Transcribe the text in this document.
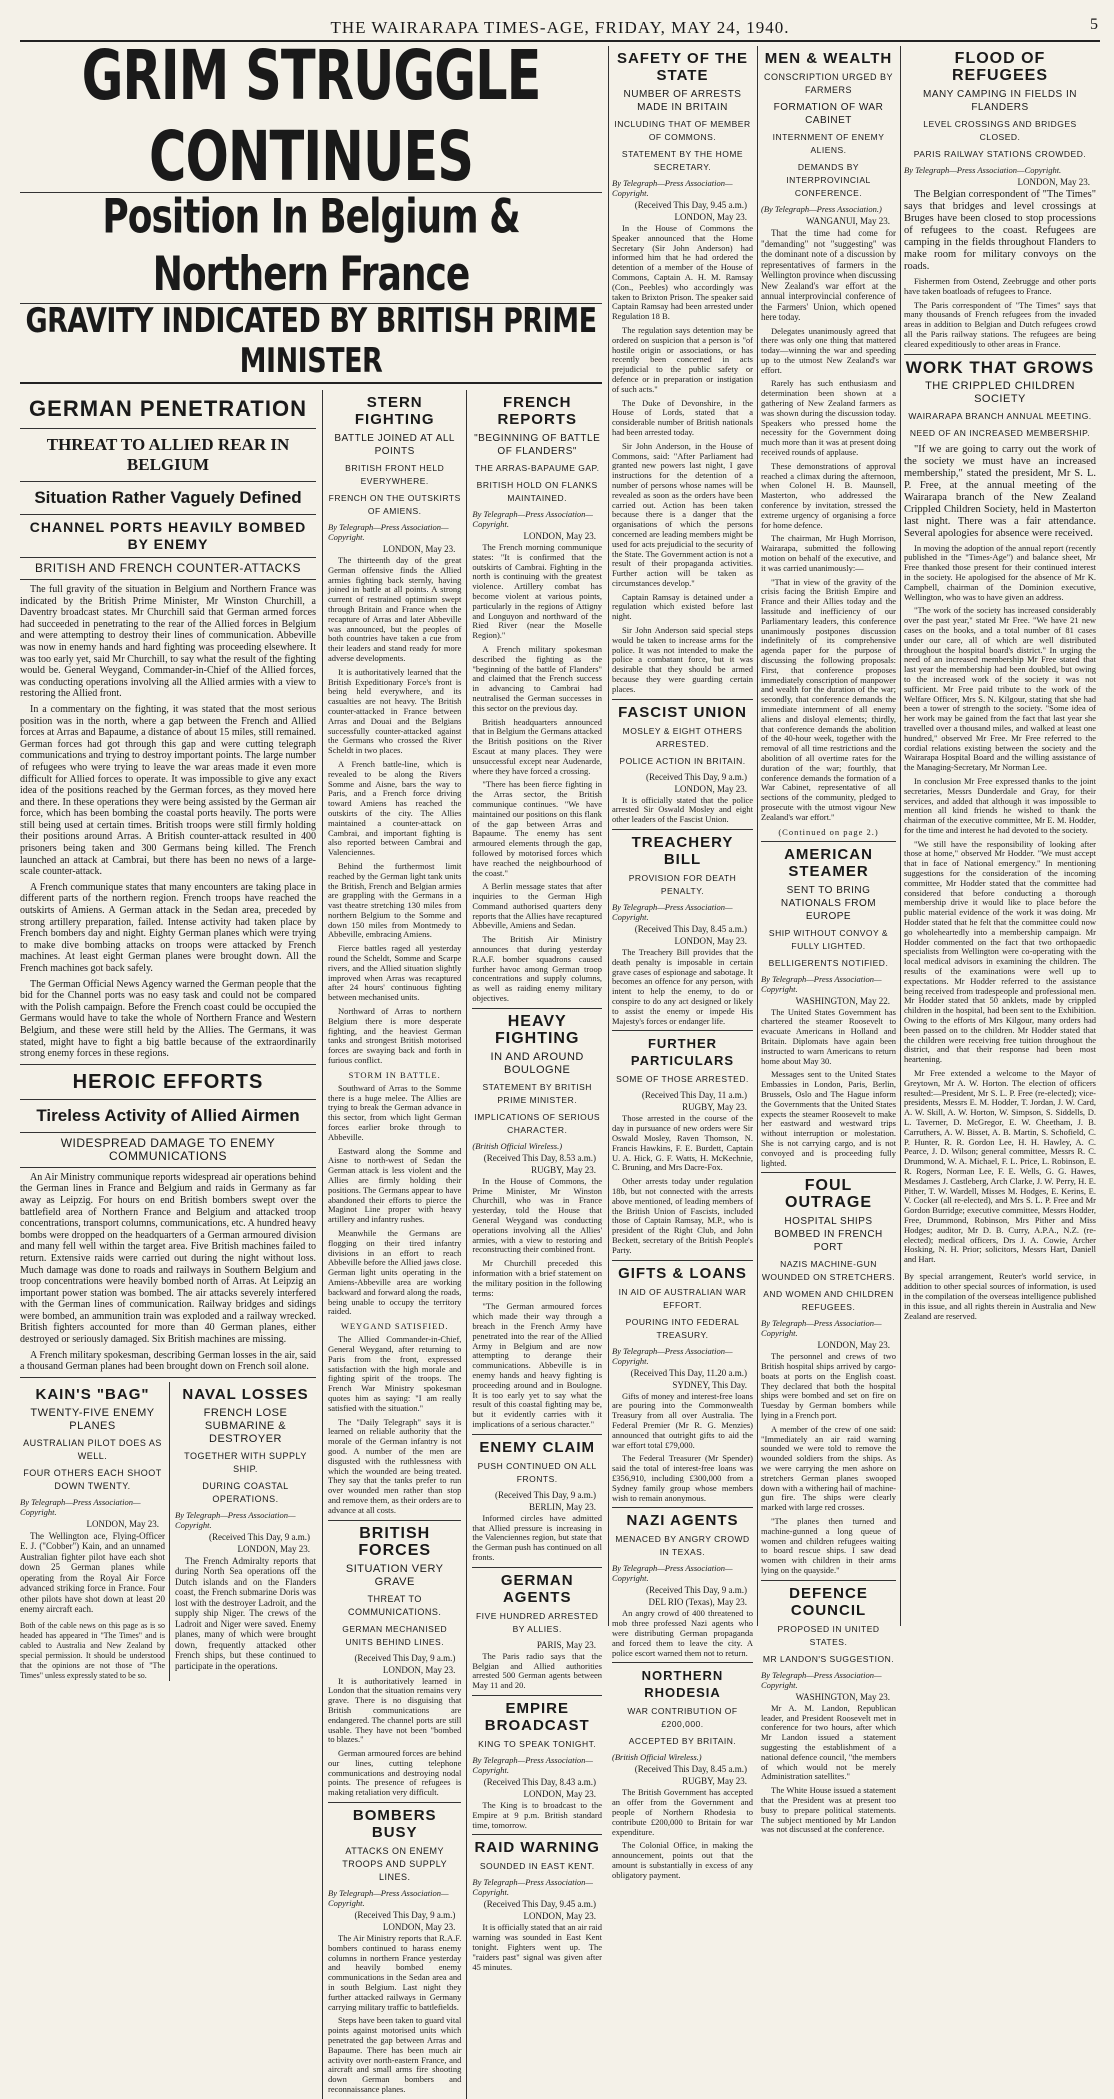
THE WAIRARAPA TIMES-AGE, FRIDAY, MAY 24, 1940.	5
GRIM STRUGGLE CONTINUES
Position In Belgium & Northern France
GRAVITY INDICATED BY BRITISH PRIME MINISTER
GERMAN PENETRATION
THREAT TO ALLIED REAR IN BELGIUM
Situation Rather Vaguely Defined
CHANNEL PORTS HEAVILY BOMBED BY ENEMY
BRITISH AND FRENCH COUNTER-ATTACKS

The full gravity of the situation in Belgium and Northern France was indicated by the British Prime Minister, Mr Winston Churchill, a Daventry broadcast states. Mr Churchill said that German armed forces had succeeded in penetrating to the rear of the Allied forces in Belgium and were attempting to destroy their lines of communication. Abbeville was now in enemy hands and hard fighting was proceeding elsewhere. It was too early yet, said Mr Churchill, to say what the result of the fighting would be. General Weygand, Commander-in-Chief of the Allied forces, was conducting operations involving all the Allied armies with a view to restoring the Allied front.

In a commentary on the fighting, it was stated that the most serious position was in the north, where a gap between the French and Allied forces at Arras and Bapaume, a distance of about 15 miles, still remained. German forces had got through this gap and were cutting telegraph communications and trying to destroy important points. The large number of refugees who were trying to leave the war areas made it even more difficult for Allied forces to operate. It was impossible to give any exact idea of the positions reached by the German forces, as they moved here and there. In these operations they were being assisted by the German air force, which has been bombing the coastal ports heavily. The ports were still being used at certain times. British troops were still firmly holding their positions around Arras. A British counter-attack resulted in 400 prisoners being taken and 300 Germans being killed. The French launched an attack at Cambrai, but there has been no news of a large-scale counter-attack.

A French communique states that many encounters are taking place in different parts of the northern region. French troops have reached the outskirts of Amiens. A German attack in the Sedan area, preceded by strong artillery preparation, failed. Intense activity had taken place by French bombers day and night. Eighty German planes which were trying to make dive bombing attacks on troops were attacked by French machines. At least eight German planes were brought down. All the French machines got back safely.

The German Official News Agency warned the German people that the bid for the Channel ports was no easy task and could not be compared with the Polish campaign. Before the French coast could be occupied the Germans would have to take the whole of Northern France and Western Belgium, and these were still held by the Allies. The Germans, it was stated, might have to fight a big battle because of the extraordinarily strong enemy forces in these regions.

HEROIC EFFORTS
Tireless Activity of Allied Airmen
WIDESPREAD DAMAGE TO ENEMY COMMUNICATIONS

An Air Ministry communique reports widespread air operations behind the German lines in France and Belgium and raids in Germany as far away as Leipzig. For hours on end British bombers swept over the battlefield area of Northern France and Belgium and attacked troop concentrations, transport columns, communications, etc. A hundred heavy bombs were dropped on the headquarters of a German armoured division and many fell well within the target area. Five British machines failed to return. Extensive raids were carried out during the night without loss. Much damage was done to roads and railways in Southern Belgium and troop concentrations were heavily bombed north of Arras. At Leipzig an important power station was bombed. The air attacks severely interfered with the German lines of communication. Railway bridges and sidings were bombed, an ammunition train was exploded and a railway wrecked. British fighters accounted for more than 40 German planes, either destroyed or seriously damaged. Six British machines are missing.

A French military spokesman, describing German losses in the air, said a thousand German planes had been brought down on French soil alone.

KAIN'S "BAG"
TWENTY-FIVE ENEMY PLANES
AUSTRALIAN PILOT DOES AS WELL.
FOUR OTHERS EACH SHOOT DOWN TWENTY.
By Telegraph—Press Association—Copyright.
LONDON, May 23.

The Wellington ace, Flying-Officer E. J. ("Cobber") Kain, and an unnamed Australian fighter pilot have each shot down 25 German planes while operating from the Royal Air Force advanced striking force in France. Four other pilots have shot down at least 20 enemy aircraft each.

Both of the cable news on this page as is so headed has appeared in "The Times" and is cabled to Australia and New Zealand by special permission. It should be understood that the opinions are not those of "The Times" unless expressly stated to be so.
NAVAL LOSSES
FRENCH LOSE SUBMARINE & DESTROYER
TOGETHER WITH SUPPLY SHIP.
DURING COASTAL OPERATIONS.
By Telegraph—Press Association—Copyright.
(Received This Day, 9 a.m.)
LONDON, May 23.

The French Admiralty reports that during North Sea operations off the Dutch islands and on the Flanders coast, the French submarine Doris was lost with the destroyer Ladroit, and the supply ship Niger. The crews of the Ladroit and Niger were saved. Enemy planes, many of which were brought down, frequently attacked other French ships, but these continued to participate in the operations.

STERN FIGHTING
BATTLE JOINED AT ALL POINTS
BRITISH FRONT HELD EVERYWHERE.
FRENCH ON THE OUTSKIRTS OF AMIENS.
By Telegraph—Press Association—Copyright.
LONDON, May 23.

The thirteenth day of the great German offensive finds the Allied armies fighting back sternly, having joined in battle at all points. A strong current of restrained optimism swept through Britain and France when the recapture of Arras and later Abbeville was announced, but the peoples of both countries have taken a cue from their leaders and stand ready for more adverse developments.

It is authoritatively learned that the British Expeditionary Force's front is being held everywhere, and its casualties are not heavy. The British counter-attacked in France between Arras and Douai and the Belgians successfully counter-attacked against the Germans who crossed the River Scheldt in two places.

A French battle-line, which is revealed to be along the Rivers Somme and Aisne, bars the way to Paris, and a French force driving toward Amiens has reached the outskirts of the city. The Allies maintained a counter-attack on Cambrai, and important fighting is also reported between Cambrai and Valenciennes.

Behind the furthermost limit reached by the German light tank units the British, French and Belgian armies are grappling with the Germans in a vast theatre stretching 130 miles from northern Belgium to the Somme and down 150 miles from Montmedy to Abbeville, embracing Amiens.

Fierce battles raged all yesterday round the Scheldt, Somme and Scarpe rivers, and the Allied situation slightly improved when Arras was recaptured after 24 hours' continuous fighting between mechanised units.

Northward of Arras to northern Belgium there is more desperate fighting, and the heaviest German tanks and strongest British motorised forces are swaying back and forth in furious conflict.

STORM IN BATTLE.

Southward of Arras to the Somme there is a huge melee. The Allies are trying to break the German advance in this sector, from which light German forces earlier broke through to Abbeville.

Eastward along the Somme and Aisne to north-west of Sedan the German attack is less violent and the Allies are firmly holding their positions. The Germans appear to have abandoned their efforts to pierce the Maginot Line proper with heavy artillery and infantry rushes.

Meanwhile the Germans are flogging on their tired infantry divisions in an effort to reach Abbeville before the Allied jaws close. German light units operating in the Amiens-Abbeville area are working backward and forward along the roads, being unable to occupy the territory raided.

WEYGAND SATISFIED.

The Allied Commander-in-Chief, General Weygand, after returning to Paris from the front, expressed satisfaction with the high morale and fighting spirit of the troops. The French War Ministry spokesman quotes him as saying: "I am really satisfied with the situation."

The "Daily Telegraph" says it is learned on reliable authority that the morale of the German infantry is not good. A number of the men are disgusted with the ruthlessness with which the wounded are being treated. They say that the tanks prefer to run over wounded men rather than stop and remove them, as their orders are to advance at all costs.

BRITISH FORCES
SITUATION VERY GRAVE
THREAT TO COMMUNICATIONS.
GERMAN MECHANISED UNITS BEHIND LINES.
(Received This Day, 9 a.m.)
LONDON, May 23.

It is authoritatively learned in London that the situation remains very grave. There is no disguising that British communications are endangered. The channel ports are still usable. They have not been "bombed to blazes."

German armoured forces are behind our lines, cutting telephone communications and destroying nodal points. The presence of refugees is making retaliation very difficult.

BOMBERS BUSY
ATTACKS ON ENEMY TROOPS AND SUPPLY LINES.
By Telegraph—Press Association—Copyright.
(Received This Day, 9 a.m.)
LONDON, May 23.

The Air Ministry reports that R.A.F. bombers continued to harass enemy columns in northern France yesterday and heavily bombed enemy communications in the Sedan area and in south Belgium. Last night they further attacked railways in Germany carrying military traffic to battlefields.

Steps have been taken to guard vital points against motorised units which penetrated the gap between Arras and Bapaume. There has been much air activity over north-eastern France, and aircraft and small arms fire shooting down German bombers and reconnaissance planes.

FRENCH REPORTS
"BEGINNING OF BATTLE OF FLANDERS"
THE ARRAS-BAPAUME GAP.
BRITISH HOLD ON FLANKS MAINTAINED.
By Telegraph—Press Association—Copyright.
LONDON, May 23.

The French morning communique states: "It is confirmed that the outskirts of Cambrai. Fighting in the north is continuing with the greatest violence. Artillery combat has become violent at various points, particularly in the regions of Attigny and Longuyon and northward of the Ried River (near the Moselle Region)."

A French military spokesman described the fighting as the "beginning of the battle of Flanders" and claimed that the French success in advancing to Cambrai had neutralised the German successes in this sector on the previous day.

British headquarters announced that in Belgium the Germans attacked the British positions on the River Escaut at many places. They were unsuccessful except near Audenarde, where they have forced a crossing.

"There has been fierce fighting in the Arras sector, the British communique continues. "We have maintained our positions on this flank of the gap between Arras and Bapaume. The enemy has sent armoured elements through the gap, followed by motorised forces which have reached the neighbourhood of the coast."

A Berlin message states that after inquiries to the German High Command authorised quarters deny reports that the Allies have recaptured Abbeville, Amiens and Sedan.

The British Air Ministry announces that during yesterday R.A.F. bomber squadrons caused further havoc among German troop concentrations and supply columns, as well as raiding enemy military objectives.

HEAVY FIGHTING
IN AND AROUND BOULOGNE
STATEMENT BY BRITISH PRIME MINISTER.
IMPLICATIONS OF SERIOUS CHARACTER.
(British Official Wireless.)
(Received This Day, 8.53 a.m.)
RUGBY, May 23.

In the House of Commons, the Prime Minister, Mr Winston Churchill, who was in France yesterday, told the House that General Weygand was conducting operations involving all the Allies' armies, with a view to restoring and reconstructing their combined front.

Mr Churchill preceded this information with a brief statement on the military position in the following terms:

"The German armoured forces which made their way through a breach in the French Army have penetrated into the rear of the Allied Army in Belgium and are now attempting to derange their communications. Abbeville is in enemy hands and heavy fighting is proceeding around and in Boulogne. It is too early yet to say what the result of this coastal fighting may be, but it evidently carries with it implications of a serious character."

ENEMY CLAIM
PUSH CONTINUED ON ALL FRONTS.
(Received This Day, 9 a.m.)
BERLIN, May 23.

Informed circles have admitted that Allied pressure is increasing in the Valenciennes region, but state that the German push has continued on all fronts.

GERMAN AGENTS
FIVE HUNDRED ARRESTED BY ALLIES.
PARIS, May 23.

The Paris radio says that the Belgian and Allied authorities arrested 500 German agents between May 11 and 20.

EMPIRE BROADCAST
KING TO SPEAK TONIGHT.
By Telegraph—Press Association—Copyright.
(Received This Day, 8.43 a.m.)
LONDON, May 23.

The King is to broadcast to the Empire at 9 p.m. British standard time, tomorrow.

RAID WARNING
SOUNDED IN EAST KENT.
By Telegraph—Press Association—Copyright.
(Received This Day, 9.45 a.m.)
LONDON, May 23.

It is officially stated that an air raid warning was sounded in East Kent tonight. Fighters went up. The "raiders past" signal was given after 45 minutes.

SAFETY OF THE STATE
NUMBER OF ARRESTS MADE IN BRITAIN
INCLUDING THAT OF MEMBER OF COMMONS.
STATEMENT BY THE HOME SECRETARY.
By Telegraph—Press Association—Copyright.
(Received This Day, 9.45 a.m.)
LONDON, May 23.

In the House of Commons the Speaker announced that the Home Secretary (Sir John Anderson) had informed him that he had ordered the detention of a member of the House of Commons, Captain A. H. M. Ramsay (Con., Peebles) who accordingly was taken to Brixton Prison. The speaker said Captain Ramsay had been arrested under Regulation 18 B.

The regulation says detention may be ordered on suspicion that a person is "of hostile origin or associations, or has recently been concerned in acts prejudicial to the public safety or defence or in preparation or instigation of such acts."

The Duke of Devonshire, in the House of Lords, stated that a considerable number of British nationals had been arrested today.

Sir John Anderson, in the House of Commons, said: "After Parliament had granted new powers last night, I gave instructions for the detention of a number of persons whose names will be revealed as soon as the orders have been carried out. Action has been taken because there is a danger that the organisations of which the persons concerned are leading members might be used for acts prejudicial to the security of the State. The Government action is not a result of their propaganda activities. Further action will be taken as circumstances develop."

Captain Ramsay is detained under a regulation which existed before last night.

Sir John Anderson said special steps would be taken to increase arms for the police. It was not intended to make the police a combatant force, but it was desirable that they should be armed because they were guarding certain places.

FASCIST UNION
MOSLEY & EIGHT OTHERS ARRESTED.
POLICE ACTION IN BRITAIN.
(Received This Day, 9 a.m.)
LONDON, May 23.

It is officially stated that the police arrested Sir Oswald Mosley and eight other leaders of the Fascist Union.

TREACHERY BILL
PROVISION FOR DEATH PENALTY.
By Telegraph—Press Association—Copyright.
(Received This Day, 8.45 a.m.)
LONDON, May 23.

The Treachery Bill provides that the death penalty is imposable in certain grave cases of espionage and sabotage. It becomes an offence for any person, with intent to help the enemy, to do or conspire to do any act designed or likely to assist the enemy or impede His Majesty's forces or endanger life.

FURTHER PARTICULARS
SOME OF THOSE ARRESTED.
(Received This Day, 11 a.m.)
RUGBY, May 23.

Those arrested in the course of the day in pursuance of new orders were Sir Oswald Mosley, Raven Thomson, N. Francis Hawkins, F. E. Burdett, Captain U. A. Hick, G. F. Watts, H. McKechnie, C. Bruning, and Mrs Dacre-Fox.

Other arrests today under regulation 18b, but not connected with the arrests above mentioned, of leading members of the British Union of Fascists, included those of Captain Ramsay, M.P., who is president of the Right Club, and John Beckett, secretary of the British People's Party.

GIFTS & LOANS
IN AID OF AUSTRALIAN WAR EFFORT.
POURING INTO FEDERAL TREASURY.
By Telegraph—Press Association—Copyright.
(Received This Day, 11.20 a.m.)
SYDNEY, This Day.

Gifts of money and interest-free loans are pouring into the Commonwealth Treasury from all over Australia. The Federal Premier (Mr R. G. Menzies) announced that outright gifts to aid the war effort total £79,000.

The Federal Treasurer (Mr Spender) said the total of interest-free loans was £356,910, including £300,000 from a Sydney family group whose members wish to remain anonymous.

NAZI AGENTS
MENACED BY ANGRY CROWD IN TEXAS.
By Telegraph—Press Association—Copyright.
(Received This Day, 9 a.m.)
DEL RIO (Texas), May 23.

An angry crowd of 400 threatened to mob three professed Nazi agents who were distributing German propaganda and forced them to leave the city. A police escort warned them not to return.

NORTHERN RHODESIA
WAR CONTRIBUTION OF £200,000.
ACCEPTED BY BRITAIN.
(British Official Wireless.)
(Received This Day, 8.45 a.m.)
RUGBY, May 23.

The British Government has accepted an offer from the Government and people of Northern Rhodesia to contribute £200,000 to Britain for war expenditure.

The Colonial Office, in making the announcement, points out that the amount is substantially in excess of any obligatory payment.

MEN & WEALTH
CONSCRIPTION URGED BY FARMERS
FORMATION OF WAR CABINET
INTERNMENT OF ENEMY ALIENS.
DEMANDS BY INTERPROVINCIAL CONFERENCE.
(By Telegraph—Press Association.)
WANGANUI, May 23.

That the time had come for "demanding" not "suggesting" was the dominant note of a discussion by representatives of farmers in the Wellington province when discussing New Zealand's war effort at the annual interprovincial conference of the Farmers' Union, which opened here today.

Delegates unanimously agreed that there was only one thing that mattered today—winning the war and speeding up to the utmost New Zealand's war effort.

Rarely has such enthusiasm and determination been shown at a gathering of New Zealand farmers as was shown during the discussion today. Speakers who pressed home the necessity for the Government doing much more than it was at present doing received rounds of applause.

These demonstrations of approval reached a climax during the afternoon, when Colonel H. B. Maunsell, Masterton, who addressed the conference by invitation, stressed the extreme urgency of organising a force for home defence.

The chairman, Mr Hugh Morrison, Wairarapa, submitted the following motion on behalf of the executive, and it was carried unanimously:—

"That in view of the gravity of the crisis facing the British Empire and France and their Allies today and the lassitude and inefficiency of our Parliamentary leaders, this conference unanimously postpones discussion indefinitely of its comprehensive agenda paper for the purpose of discussing the following proposals: First, that conference proposes immediately conscription of manpower and wealth for the duration of the war; secondly, that conference demands the immediate internment of all enemy aliens and disloyal elements; thirdly, that conference demands the abolition of the 40-hour week, together with the removal of all time restrictions and the abolition of all overtime rates for the duration of the war; fourthly, that conference demands the formation of a War Cabinet, representative of all sections of the community, pledged to prosecute with the utmost vigour New Zealand's war effort."

(Continued on page 2.)
AMERICAN STEAMER
SENT TO BRING NATIONALS FROM EUROPE
SHIP WITHOUT CONVOY & FULLY LIGHTED.
BELLIGERENTS NOTIFIED.
By Telegraph—Press Association—Copyright.
WASHINGTON, May 22.

The United States Government has chartered the steamer Roosevelt to evacuate Americans in Holland and Britain. Diplomats have again been instructed to warn Americans to return home about May 30.

Messages sent to the United States Embassies in London, Paris, Berlin, Brussels, Oslo and The Hague inform the Governments that the United States expects the steamer Roosevelt to make her eastward and westward trips without interruption or molestation. She is not carrying cargo, and is not convoyed and is proceeding fully lighted.

FOUL OUTRAGE
HOSPITAL SHIPS BOMBED IN FRENCH PORT
NAZIS MACHINE-GUN WOUNDED ON STRETCHERS.
AND WOMEN AND CHILDREN REFUGEES.
By Telegraph—Press Association—Copyright.
LONDON, May 23.

The personnel and crews of two British hospital ships arrived by cargo-boats at ports on the English coast. They declared that both the hospital ships were bombed and set on fire on Tuesday by German bombers while lying in a French port.

A member of the crew of one said: "Immediately an air raid warning sounded we were told to remove the wounded soldiers from the ships. As we were carrying the men ashore on stretchers German planes swooped down with a withering hail of machine-gun fire. The ships were clearly marked with large red crosses.

"The planes then turned and machine-gunned a long queue of women and children refugees waiting to board rescue ships. I saw dead women with children in their arms lying on the quayside."

DEFENCE COUNCIL
PROPOSED IN UNITED STATES.
MR LANDON'S SUGGESTION.
By Telegraph—Press Association—Copyright.
WASHINGTON, May 23.

Mr A. M. Landon, Republican leader, and President Roosevelt met in conference for two hours, after which Mr Landon issued a statement suggesting the establishment of a national defence council, "the members of which would not be merely Administration satellites."

The White House issued a statement that the President was at present too busy to prepare political statements. The subject mentioned by Mr Landon was not discussed at the conference.

FLOOD OF REFUGEES
MANY CAMPING IN FIELDS IN FLANDERS
LEVEL CROSSINGS AND BRIDGES CLOSED.
PARIS RAILWAY STATIONS CROWDED.
By Telegraph—Press Association—Copyright.
LONDON, May 23.

The Belgian correspondent of "The Times" says that bridges and level crossings at Bruges have been closed to stop processions of refugees to the coast. Refugees are camping in the fields throughout Flanders to make room for military convoys on the roads.

Fishermen from Ostend, Zeebrugge and other ports have taken boatloads of refugees to France.

The Paris correspondent of "The Times" says that many thousands of French refugees from the invaded areas in addition to Belgian and Dutch refugees crowd all the Paris railway stations. The refugees are being cleared expeditiously to other areas in France.

WORK THAT GROWS
THE CRIPPLED CHILDREN SOCIETY
WAIRARAPA BRANCH ANNUAL MEETING.
NEED OF AN INCREASED MEMBERSHIP.

"If we are going to carry out the work of the society we must have an increased membership," stated the president, Mr S. L. P. Free, at the annual meeting of the Wairarapa branch of the New Zealand Crippled Children Society, held in Masterton last night. There was a fair attendance. Several apologies for absence were received.

In moving the adoption of the annual report (recently published in the "Times-Age") and balance sheet, Mr Free thanked those present for their continued interest in the society. He apologised for the absence of Mr K. Campbell, chairman of the Dominion executive, Wellington, who was to have given an address.

"The work of the society has increased considerably over the past year," stated Mr Free. "We have 21 new cases on the books, and a total number of 81 cases under our care, all of which are well distributed throughout the hospital board's district." In urging the need of an increased membership Mr Free stated that last year the membership had been doubled, but owing to the increased work of the society it was not sufficient. Mr Free paid tribute to the work of the Welfare Officer, Mrs S. N. Kilgour, stating that she had been a tower of strength to the society. "Some idea of her work may be gained from the fact that last year she travelled over a thousand miles, and walked at least one hundred," observed Mr Free. Mr Free referred to the cordial relations existing between the society and the Wairarapa Hospital Board and the willing assistance of the Managing-Secretary, Mr Norman Lee.

In conclusion Mr Free expressed thanks to the joint secretaries, Messrs Dunderdale and Gray, for their services, and added that although it was impossible to mention all kind friends he wished to thank the chairman of the executive committee, Mr E. M. Hodder, for the time and interest he had devoted to the society.

"We still have the responsibility of looking after those at home," observed Mr Hodder. "We must accept that in face of National emergency." In mentioning suggestions for the consideration of the incoming committee, Mr Hodder stated that the committee had considered that before conducting a thorough membership drive it would like to place before the public material evidence of the work it was doing. Mr Hodder stated that he felt that the committee could now go wholeheartedly into a membership campaign. Mr Hodder commented on the fact that two orthopaedic specialists from Wellington were co-operating with the local medical advisors in examining the children. The results of the examinations were well up to expectations. Mr Hodder referred to the assistance being received from tradespeople and professional men. Mr Hodder stated that 50 anklets, made by crippled children in the hospital, had been sent to the Exhibition. Owing to the efforts of Mrs Kilgour, many orders had been passed on to the children. Mr Hodder stated that the children were receiving free tuition throughout the district, and that their response had been most heartening.

Mr Free extended a welcome to the Mayor of Greytown, Mr A. W. Horton. The election of officers resulted:—President, Mr S. L. P. Free (re-elected); vice-presidents, Messrs E. M. Hodder, T. Jordan, J. W. Card, A. W. Skill, A. W. Horton, W. Simpson, S. Siddells, D. L. Taverner, D. McGregor, E. W. Cheetham, J. B. Carruthers, A. W. Bisset, A. B. Martin, S. Schofield, C. P. Hunter, R. R. Gordon Lee, H. H. Hawley, A. C. Pearce, J. D. Wilson; general committee, Messrs R. C. Drummond, W. A. Michael, F. L. Price, L. Robinson, E. R. Rogers, Norman Lee, F. E. Wells, G. G. Hawes, Mesdames J. Castleberg, Arch Clarke, J. W. Perry, H. E. Pither, T. W. Wardell, Misses M. Hodges, E. Kerins, E. V. Cocker (all re-elected), and Mrs S. L. P. Free and Mr Gordon Burridge; executive committee, Messrs Hodder, Free, Drummond, Robinson, Mrs Pither and Miss Hodges; auditor, Mr D. B. Curry, A.P.A., N.Z. (re-elected); medical officers, Drs J. A. Cowie, Archer Hosking, N. H. Prior; solicitors, Messrs Hart, Daniell and Hart.

By special arrangement, Reuter's world service, in addition to other special sources of information, is used in the compilation of the overseas intelligence published in this issue, and all rights therein in Australia and New Zealand are reserved.
